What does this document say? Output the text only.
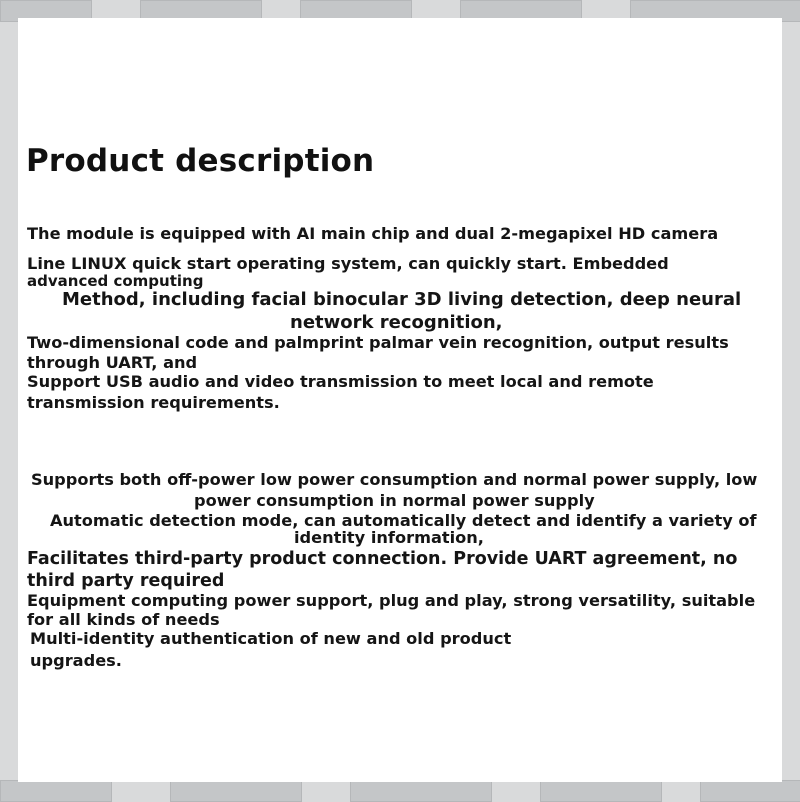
Product description

The module is equipped with AI main chip and dual 2-megapixel HD camera

Line LINUX quick start operating system, can quickly start. Embedded

advanced computing

Method, including facial binocular 3D living detection, deep neural

network recognition,

Two-dimensional code and palmprint palmar vein recognition, output results

through UART, and

Support USB audio and video transmission to meet local and remote

transmission requirements.

Supports both off-power low power consumption and normal power supply, low

power consumption in normal power supply

Automatic detection mode, can automatically detect and identify a variety of

identity information,

Facilitates third-party product connection. Provide UART agreement, no

third party required

Equipment computing power support, plug and play, strong versatility, suitable

for all kinds of needs

Multi-identity authentication of new and old product

upgrades.
